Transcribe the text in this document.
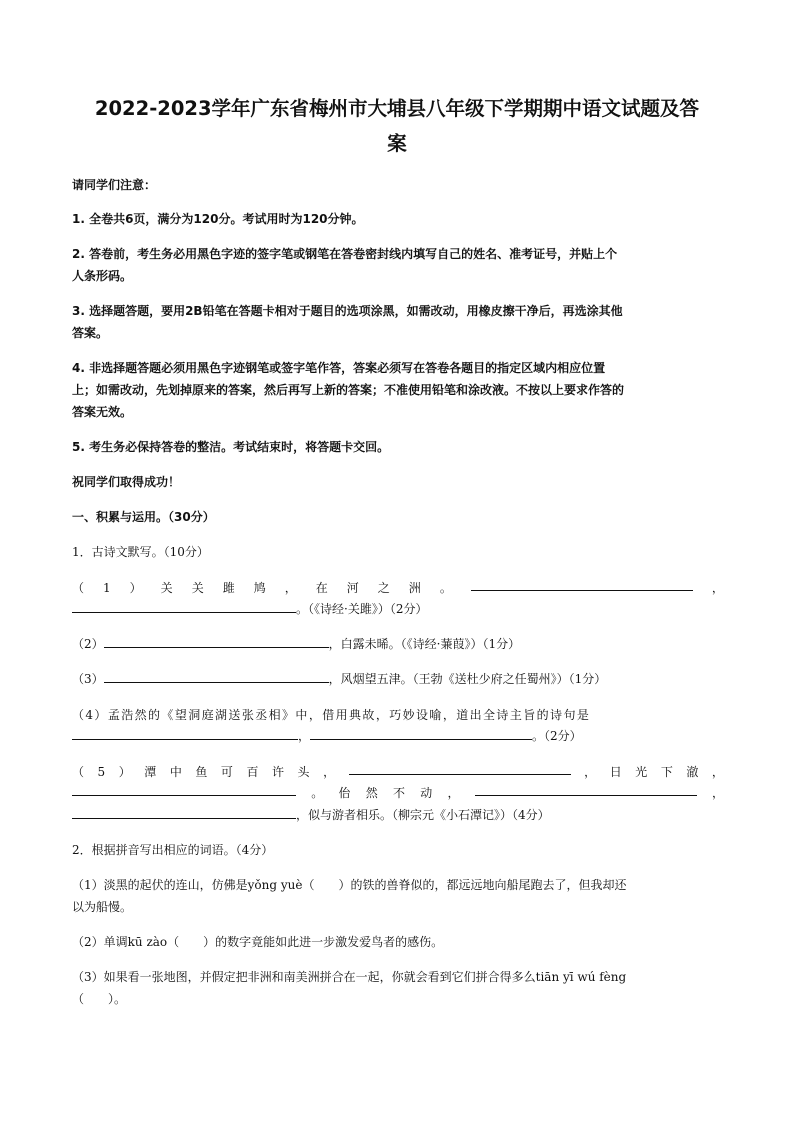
2022-2023学年广东省梅州市大埔县八年级下学期期中语文试题及答
案
请同学们注意：
1. 全卷共6页，满分为120分。考试用时为120分钟。
2. 答卷前，考生务必用黑色字迹的签字笔或钢笔在答卷密封线内填写自己的姓名、准考证号，并贴上个
人条形码。
3. 选择题答题，要用2B铅笔在答题卡相对于题目的选项涂黑，如需改动，用橡皮擦干净后，再选涂其他
答案。
4. 非选择题答题必须用黑色字迹钢笔或签字笔作答，答案必须写在答卷各题目的指定区域内相应位置
上；如需改动，先划掉原来的答案，然后再写上新的答案；不准使用铅笔和涂改液。不按以上要求作答的
答案无效。
5. 考生务必保持答卷的整洁。考试结束时，将答题卡交回。
祝同学们取得成功！
一、积累与运用。（30分）
1．古诗文默写。（10分）
（ 1 ） 关 关 雎 鸠 ， 在 河 之 洲 。	，
。（《诗经·关雎》）（2分）
（2）	，白露未晞。（《诗经·蒹葭》）（1分）
（3）	，风烟望五津。（王勃《送杜少府之任蜀州》）（1分）
（4）孟浩然的《望洞庭湖送张丞相》中，借用典故，巧妙设喻，道出全诗主旨的诗句是
，	。（2分）
（ 5 ） 潭 中 鱼 可 百 许 头 ，	， 日 光 下 澈 ，
。 佁 然 不 动 ，	，
，似与游者相乐。（柳宗元《小石潭记》）（4分）
2．根据拼音写出相应的词语。（4分）
（1）淡黑的起伏的连山，仿佛是yǒng yuè（　　）的铁的兽脊似的，都远远地向船尾跑去了，但我却还
以为船慢。
（2）单调kū zào（　　）的数字竟能如此进一步激发爱鸟者的感伤。
（3）如果看一张地图，并假定把非洲和南美洲拼合在一起，你就会看到它们拼合得多么tiān yī wú fèng
（　　）。
